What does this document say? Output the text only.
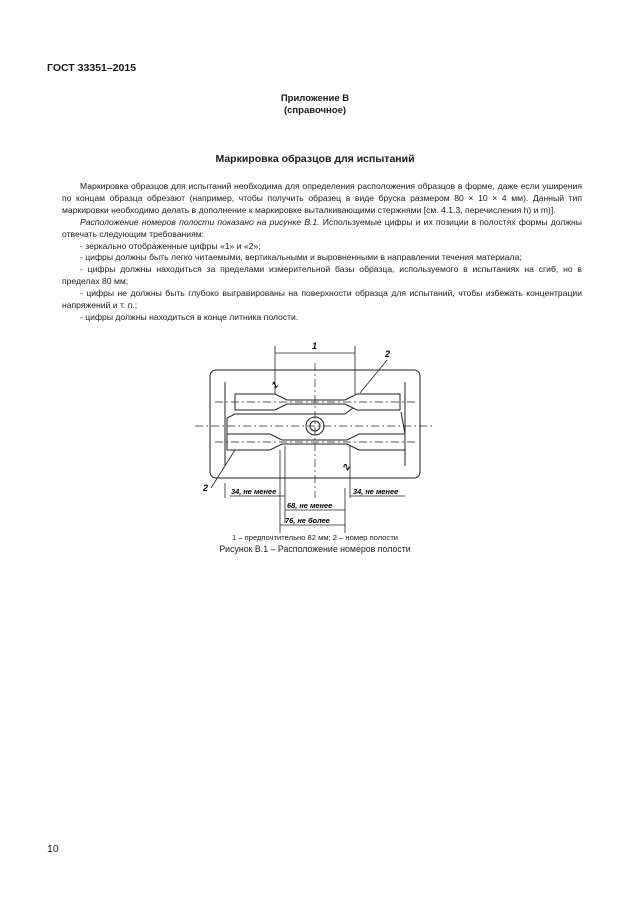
ГОСТ 33351–2015
Приложение В
(справочное)
Маркировка образцов для испытаний

Маркировка образцов для испытаний необходима для определения расположения образцов в форме, даже если уширения по концам образца обрезают (например, чтобы получить образец в виде бруска размером 80 × 10 × 4 мм). Данный тип маркировки необходимо делать в дополнение к маркировке выталкивающими стержнями [см. 4.1.3, перечисления h) и m)].

Расположение номеров полости показано на рисунке В.1. Используемые цифры и их позиции в полостях формы должны отвечать следующим требованиям:

- зеркально отображенные цифры «1» и «2»;

- цифры должны быть легко читаемыми, вертикальными и выровненными в направлении течения материала;

- цифры должны находиться за пределами измерительной базы образца, используемого в испытаниях на сгиб, но в пределах 80 мм;

- цифры не должны быть глубоко выгравированы на поверхности образца для испытаний, чтобы избежать концентрации напряжений и т. п.;

- цифры должны находиться в конце литника полости.

1
2
1
2
2	34, не менее	34, не менее
68, не менее
76, не более
1 – предпочтительно 82 мм; 2 – номер полости
Рисунок В.1 – Расположение номеров полости
10
